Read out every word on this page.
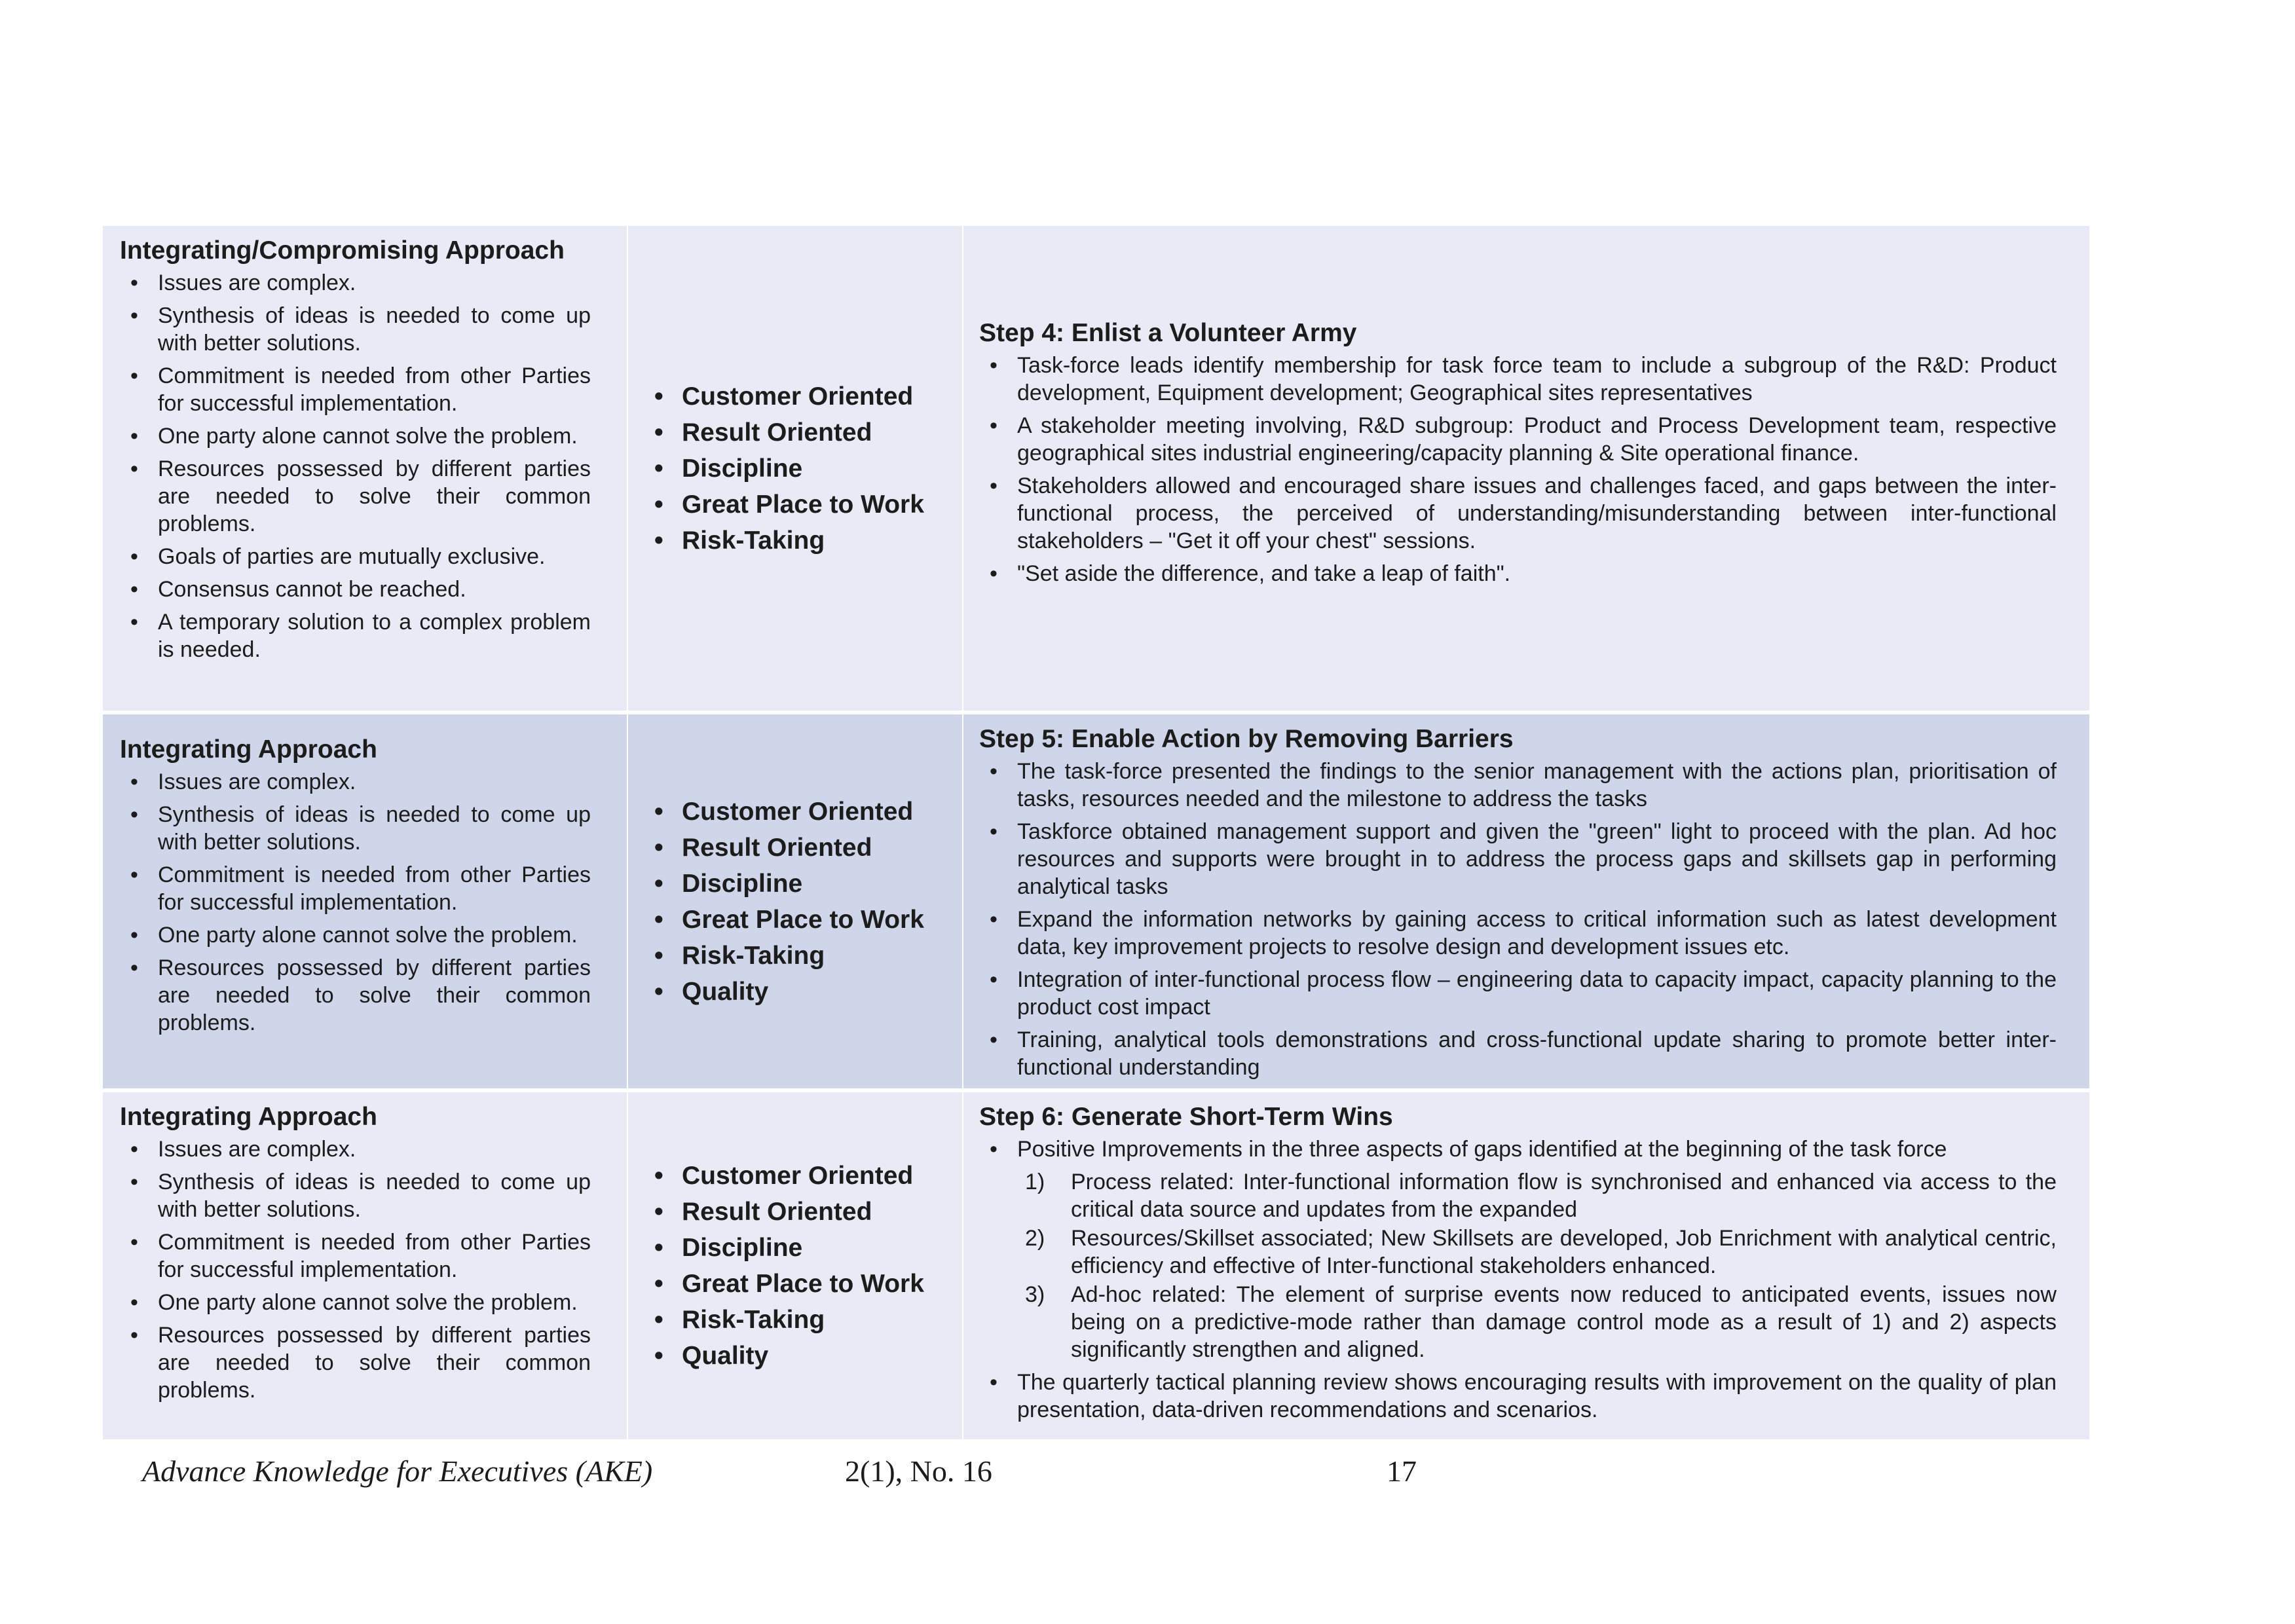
Integrating/Compromising Approach
• Issues are complex.
• Synthesis of ideas is needed to come up with better solutions.
• Commitment is needed from other Parties for successful implementation.
• One party alone cannot solve the problem.
• Resources possessed by different parties are needed to solve their common problems.
• Goals of parties are mutually exclusive.
• Consensus cannot be reached.
• A temporary solution to a complex problem is needed.
• Customer Oriented
• Result Oriented
• Discipline
• Great Place to Work
• Risk-Taking
Step 4: Enlist a Volunteer Army
• Task-force leads identify membership for task force team to include a subgroup of the R&D: Product development, Equipment development; Geographical sites representatives
• A stakeholder meeting involving, R&D subgroup: Product and Process Development team, respective geographical sites industrial engineering/capacity planning & Site operational finance.
• Stakeholders allowed and encouraged share issues and challenges faced, and gaps between the inter-functional process, the perceived of understanding/misunderstanding between inter-functional stakeholders – "Get it off your chest" sessions.
• "Set aside the difference, and take a leap of faith".
Integrating Approach
• Issues are complex.
• Synthesis of ideas is needed to come up with better solutions.
• Commitment is needed from other Parties for successful implementation.
• One party alone cannot solve the problem.
• Resources possessed by different parties are needed to solve their common problems.
• Customer Oriented
• Result Oriented
• Discipline
• Great Place to Work
• Risk-Taking
• Quality
Step 5: Enable Action by Removing Barriers
• The task-force presented the findings to the senior management with the actions plan, prioritisation of tasks, resources needed and the milestone to address the tasks
• Taskforce obtained management support and given the "green" light to proceed with the plan. Ad hoc resources and supports were brought in to address the process gaps and skillsets gap in performing analytical tasks
• Expand the information networks by gaining access to critical information such as latest development data, key improvement projects to resolve design and development issues etc.
• Integration of inter-functional process flow – engineering data to capacity impact, capacity planning to the product cost impact
• Training, analytical tools demonstrations and cross-functional update sharing to promote better inter-functional understanding
Integrating Approach
• Issues are complex.
• Synthesis of ideas is needed to come up with better solutions.
• Commitment is needed from other Parties for successful implementation.
• One party alone cannot solve the problem.
• Resources possessed by different parties are needed to solve their common problems.
• Customer Oriented
• Result Oriented
• Discipline
• Great Place to Work
• Risk-Taking
• Quality
Step 6: Generate Short-Term Wins
• Positive Improvements in the three aspects of gaps identified at the beginning of the task force
1) Process related: Inter-functional information flow is synchronised and enhanced via access to the critical data source and updates from the expanded
2) Resources/Skillset associated; New Skillsets are developed, Job Enrichment with analytical centric, efficiency and effective of Inter-functional stakeholders enhanced.
3) Ad-hoc related: The element of surprise events now reduced to anticipated events, issues now being on a predictive-mode rather than damage control mode as a result of 1) and 2) aspects significantly strengthen and aligned.
• The quarterly tactical planning review shows encouraging results with improvement on the quality of plan presentation, data-driven recommendations and scenarios.
Advance Knowledge for Executives (AKE)	2(1), No. 16	17
